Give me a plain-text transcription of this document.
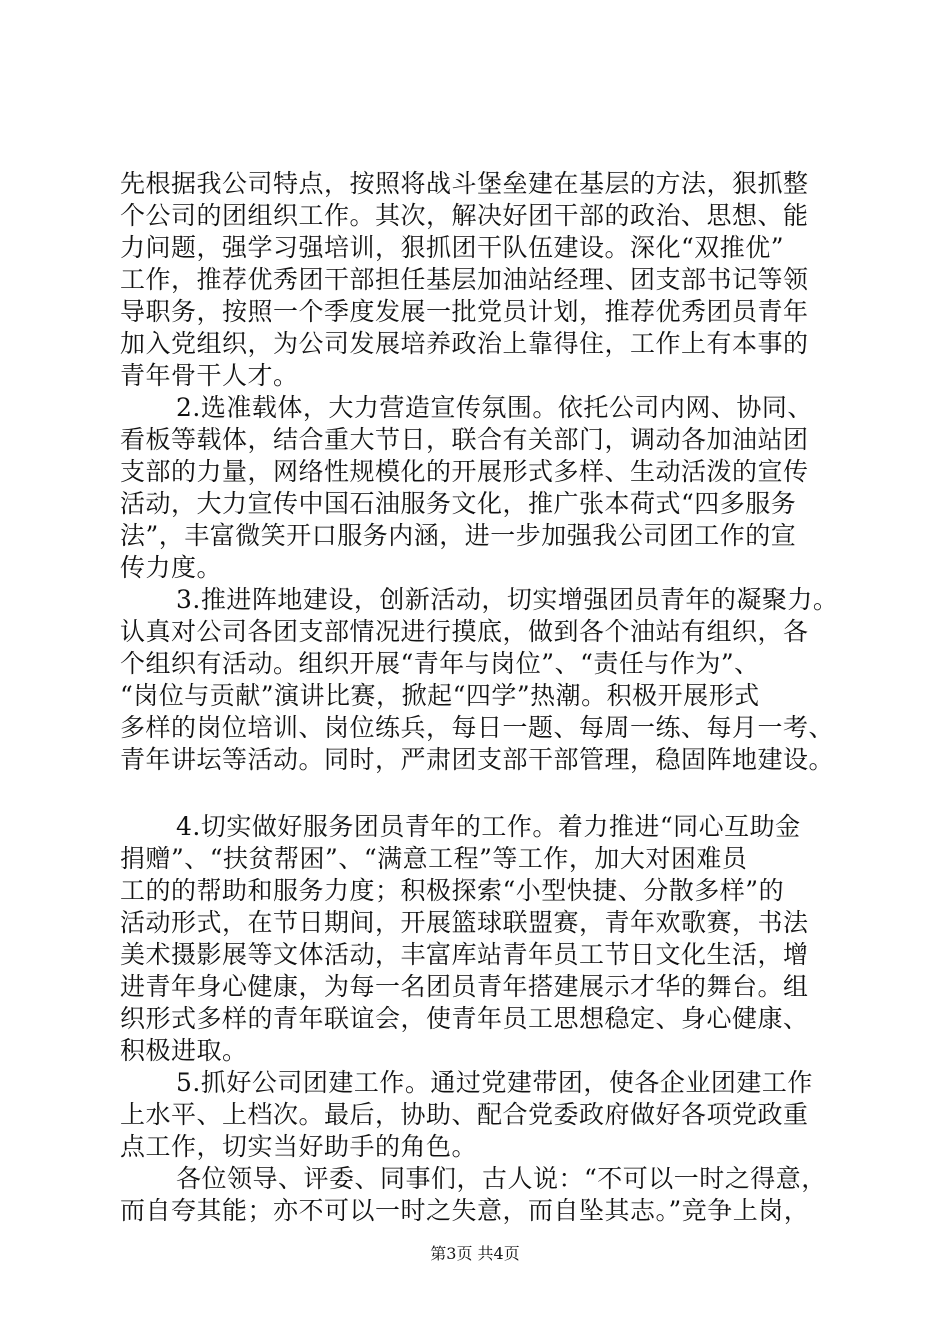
先根据我公司特点，按照将战斗堡垒建在基层的方法，狠抓整
个公司的团组织工作。其次，解决好团干部的政治、思想、能
力问题，强学习强培训，狠抓团干队伍建设。深化“双推优”
工作，推荐优秀团干部担任基层加油站经理、团支部书记等领
导职务，按照一个季度发展一批党员计划，推荐优秀团员青年
加入党组织，为公司发展培养政治上靠得住，工作上有本事的
青年骨干人才。
2.选准载体，大力营造宣传氛围。依托公司内网、协同、
看板等载体，结合重大节日，联合有关部门，调动各加油站团
支部的力量，网络性规模化的开展形式多样、生动活泼的宣传
活动，大力宣传中国石油服务文化，推广张本荷式“四多服务
法”，丰富微笑开口服务内涵，进一步加强我公司团工作的宣
传力度。
3.推进阵地建设，创新活动，切实增强团员青年的凝聚力。
认真对公司各团支部情况进行摸底，做到各个油站有组织，各
个组织有活动。组织开展“青年与岗位”、“责任与作为”、
“岗位与贡献”演讲比赛，掀起“四学”热潮。积极开展形式
多样的岗位培训、岗位练兵，每日一题、每周一练、每月一考、
青年讲坛等活动。同时，严肃团支部干部管理，稳固阵地建设。
4.切实做好服务团员青年的工作。着力推进“同心互助金
捐赠”、“扶贫帮困”、“满意工程”等工作，加大对困难员
工的的帮助和服务力度；积极探索“小型快捷、分散多样”的
活动形式，在节日期间，开展篮球联盟赛，青年欢歌赛，书法
美术摄影展等文体活动，丰富库站青年员工节日文化生活，增
进青年身心健康，为每一名团员青年搭建展示才华的舞台。组
织形式多样的青年联谊会，使青年员工思想稳定、身心健康、
积极进取。
5.抓好公司团建工作。通过党建带团，使各企业团建工作
上水平、上档次。最后，协助、配合党委政府做好各项党政重
点工作，切实当好助手的角色。
各位领导、评委、同事们，古人说：“不可以一时之得意，
而自夸其能；亦不可以一时之失意，而自坠其志。”竞争上岗，
第3页 共4页
